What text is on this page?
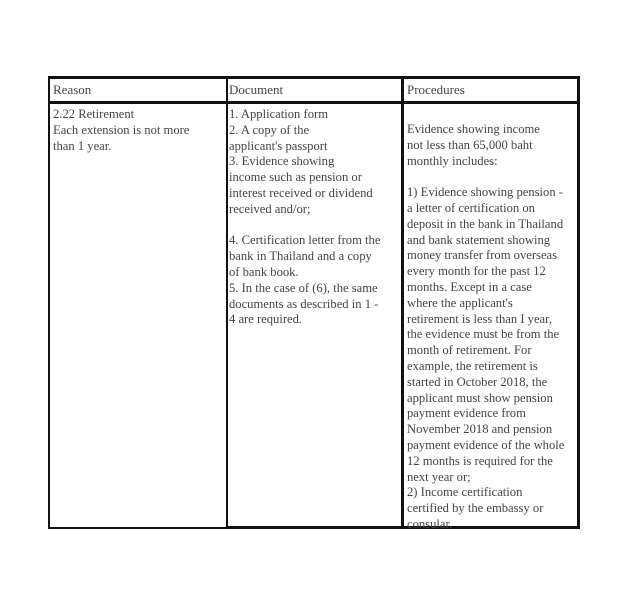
Reason
2.22 Retirement
Each extension is not more
than 1 year.
Document
1. Application form
2. A copy of the
applicant's passport
3. Evidence showing
income such as pension or
interest received or dividend
received and/or;
4. Certification letter from the
bank in Thailand and a copy
of bank book.
5. In the case of (6), the same
documents as described in 1 -
4 are required.
Procedures
Evidence showing income
not less than 65,000 baht
monthly includes:
1) Evidence showing pension -
a letter of certification on
deposit in the bank in Thailand
and bank statement showing
money transfer from overseas
every month for the past 12
months. Except in a case
where the applicant's
retirement is less than I year,
the evidence must be from the
month of retirement. For
example, the retirement is
started in October 2018, the
applicant must show pension
payment evidence from
November 2018 and pension
payment evidence of the whole
12 months is required for the
next year or;
2) Income certification
certified by the embassy or
consular.
